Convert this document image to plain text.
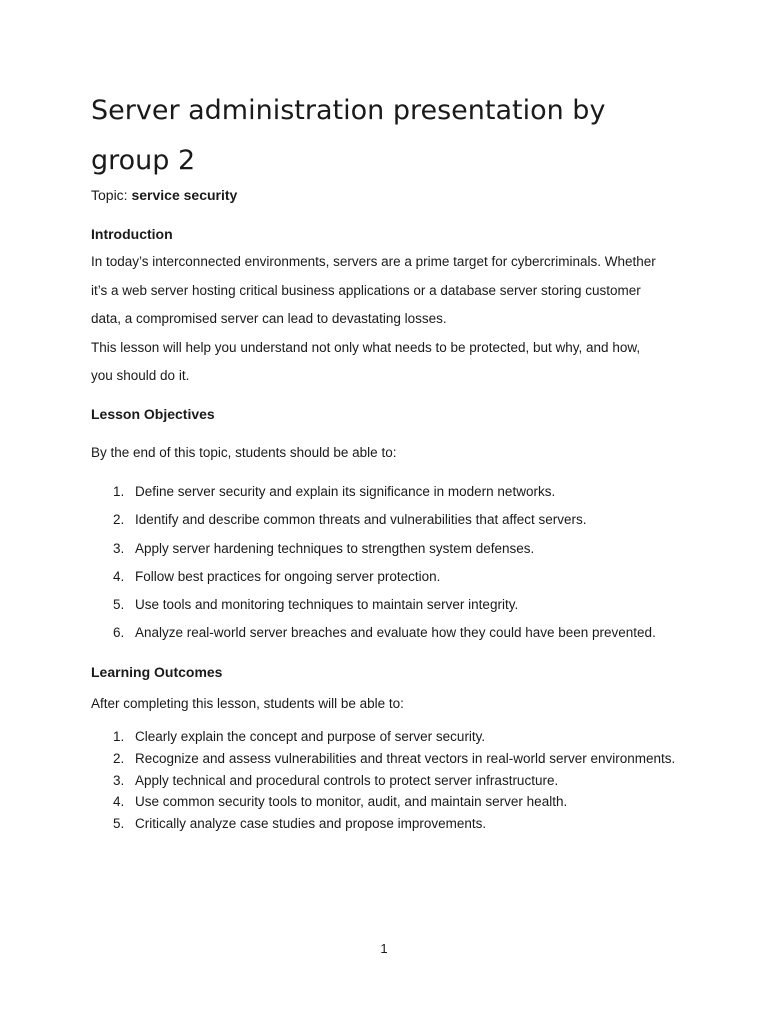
Server administration presentation by group 2
Topic: service security
Introduction
In today’s interconnected environments, servers are a prime target for cybercriminals. Whether
it’s a web server hosting critical business applications or a database server storing customer
data, a compromised server can lead to devastating losses.
This lesson will help you understand not only what needs to be protected, but why, and how,
you should do it.
Lesson Objectives

By the end of this topic, students should be able to:

1. Define server security and explain its significance in modern networks.
2. Identify and describe common threats and vulnerabilities that affect servers.
3. Apply server hardening techniques to strengthen system defenses.
4. Follow best practices for ongoing server protection.
5. Use tools and monitoring techniques to maintain server integrity.
6. Analyze real-world server breaches and evaluate how they could have been prevented.
Learning Outcomes

After completing this lesson, students will be able to:

1. Clearly explain the concept and purpose of server security.
2. Recognize and assess vulnerabilities and threat vectors in real-world server environments.
3. Apply technical and procedural controls to protect server infrastructure.
4. Use common security tools to monitor, audit, and maintain server health.
5. Critically analyze case studies and propose improvements.
1
